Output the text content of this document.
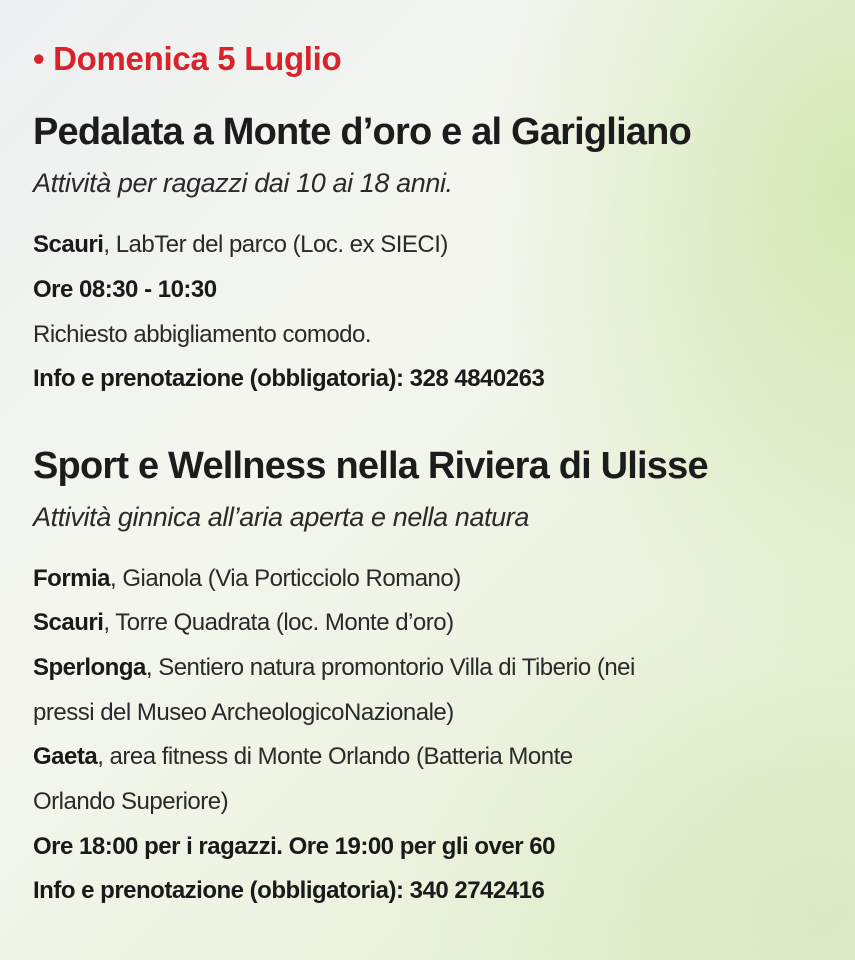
• Domenica 5 Luglio
Pedalata a Monte d’oro e al Garigliano
Attività per ragazzi dai 10 ai 18 anni.
Scauri, LabTer del parco (Loc. ex SIECI)
Ore 08:30 - 10:30
Richiesto abbigliamento comodo.
Info e prenotazione (obbligatoria): 328 4840263
Sport e Wellness nella Riviera di Ulisse
Attività ginnica all’aria aperta e nella natura
Formia, Gianola (Via Porticciolo Romano)
Scauri, Torre Quadrata (loc. Monte d’oro)
Sperlonga, Sentiero natura promontorio Villa di Tiberio (nei
pressi del Museo ArcheologicoNazionale)
Gaeta, area fitness di Monte Orlando (Batteria Monte
Orlando Superiore)
Ore 18:00 per i ragazzi. Ore 19:00 per gli over 60
Info e prenotazione (obbligatoria): 340 2742416
